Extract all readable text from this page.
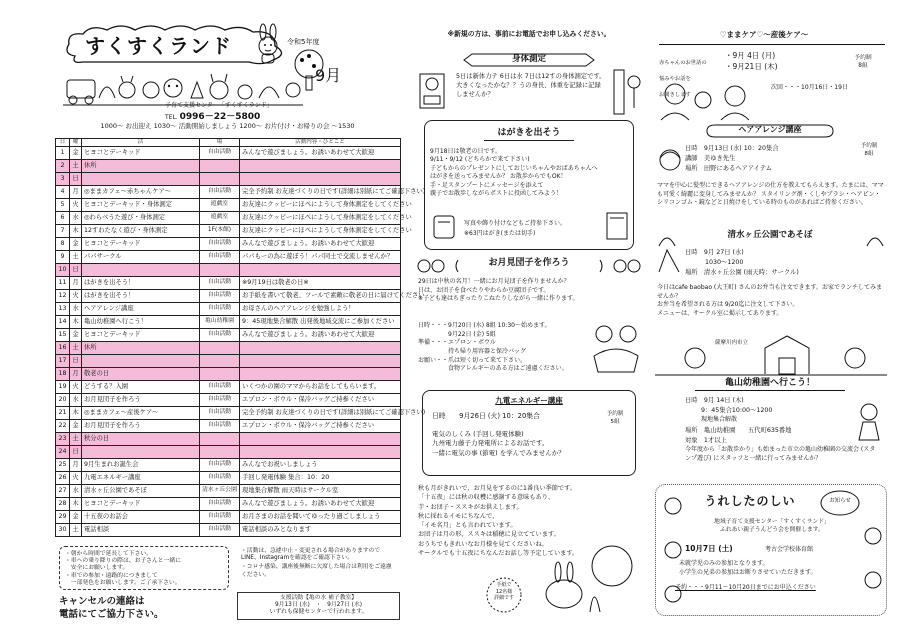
すくすくランド	令和5年度
9月
子育て支援センター「すくすくランド」
TEL. 0996－22－5800
1000～ お出迎え 1030～ 活動開始しましょう 1200～ お片付け・お帰りの会 ～1530
日	曜	活	場	活動内容・ひとこと
1	金	ヒヨコとデーキッド	自由活動	みんなで遊びましょう。お誘いあわせて大歓迎
2	土	休所		
3	日			
4	月	◎ままカフェ～赤ちゃんケア～	自由活動	完全予約制 お友達づくりの日です(詳細は別紙にてご確認下さい)
5	火	ヒヨコとデーキッド・身体測定	遊戯室	お友達にクッピーにほぺにようして身体測定をしてください
6	水	◎わらべうた遊び・身体測定	遊戯室	お友達にクッピーにほぺにようして身体測定をしてください
7	木	12すわたなく遊び・身体測定	1F(本館)	お友達にクッピーにほぺにようして身体測定をしてください
8	金	ヒヨコとデーキッド	自由活動	みんなで遊びましょう。お誘いあわせて大歓迎
9	土	パパサークル	自由活動	パパもーの為に遊ぼう！パパ同士で交流しませんか？
10	日			
11	月	はがきを出そう！	自由活動	※9月19日は敬老の日※
12	火	はがきを出そう！	自由活動	お手紙を書いて敬老、ツールで素敵に敬老の日に届けてください
13	水	ヘアアレンジ講座	自由活動	お母さんのヘアアレンジを勉強しよう！
14	木	亀山幼稚園へ行こう！	亀山幼稚園	9：45現地集合解散 出発後地域交流にご参加ください
15	金	ヒヨコとデーキッド	自由活動	みんなで遊びましょう。お誘いあわせて大歓迎
16	土	休所		
17	日			
18	月	敬老の日		
19	火	どうする？入園	自由活動	いくつかの園のママからお話をしてもらいます。
20	水	お月見団子を作ろう	自由活動	エプロン・ボウル・保冷バッグご持参ください
21	木	◎ままカフェ～産後ケア～	自由活動	完全予約制 お友達づくりの日です(詳細は別紙にてご確認下さい)
22	金	お月見団子を作ろう	自由活動	エプロン・ボウル・保冷バッグご持参ください
23	土	秋分の日		
24	日			
25	月	9月生まれお誕生会	自由活動	みんなでお祝いしましょう
26	火	九電エネルギー講座	自由活動	手回し発電体験 集合：10：20
27	水	清水ヶ丘公園であそぼ	清水ヶ丘公園	現地集合解散 雨天時はサークル室
28	木	ヒヨコとデーキッド	自由活動	みんなで遊びましょう。お誘いあわせて大歓迎
29	金	十五夜のお話会	自由活動	お月さまのお話を聞いてゆったり過ごしましょう
30	土	電話相談	自由活動	電話相談のみとなります
・朝から時間で延長して下さい。
・車への乗り降りの際は、お子さんと一緒に
　安全にお願いします。
・車での参加・遠路的につきまして
　一部発色をお願いします。ご了承下さい。
・活動は、急遽中止・変更される場合がありますのでLINE、Instagramを確認をご確認下さい。
・コロナ感染、講座後無断に欠席した場合は利用をご遠慮ください。
キャンセルの連絡は
電話にてご協力下さい。
支援活動【亀の水 補子教室】
9月13日 (水)　・　9月27日 (水)
いずれも保健センターで行われます。
※新規の方は、事前にお電話でお申し込みください。
身体測定
5日は新体力テ 6日は水 7日は12すの身体測定です。大きくなったかな？？うの身長、体重を記録に記録しませんか？
はがきを出そう
9月18日は敬老の日です。
9/11・9/12 (どちらかで来て下さい)
子どもからのプレゼントにしておじいちゃんやおばあちゃんへ
はがきを送ってみませんか？ お散歩からでもOK！
手・足スタンプートにメッセージを添えて
親子でお散歩しながらポストに投函してみよう！
写真や飾り付けなどもご持参下さい。
※63円はがき(または切手)
お月見団子を作ろう
29日は中秋の名月！一緒にお月見団子を作りませんか？
日は、お団子を食べたりやわらか豆腐団子です。
※子ども達はちぎったりこねたりしながら一緒に作ります。
日時・・・9月20日 (水) 8組 10:30～始めます。
　　　　　9月22日 (金) 5組
準備・・・エプロン・ボウル
　　　　　持ち帰り用容器と保冷バッグ
お願い・・爪は短く切って来て下さい。
　　　　　食物アレルギーのある方はご遠慮ください。
九電エネルギー講座
日時　　9月26日 (火) 10：20集合	予約制
5組
電気のしくみ (手回し発電体験)
九州電力藤子力発電所によるお話です。
一緒に電気の事 (節電) を学んでみませんか？
秋も月がきれいで、お月見をするのに1番良い季節です。
「十五夜」には秋の収穫に感謝する意味もあり、
芋・お団子・ススキがお供えします。
秋に採れるイモにちなんで、
「イモ名月」とも言われています。
お団子は月の形、ススキは稲穂に見立てています。
おうちでもきれいなお月様を見てくださいね。
サークルでも十五夜にちなんだお話し等予定しています。
手紙で
12名様
詳細です
♡ままケア♡～産後ケア～

赤ちゃんのお世話の

悩みやお話を

お聞きします

・9月 4日 (月)
・9月21日 (木)
予約制
8組
次回・・・10月16日・19日
ヘアアレンジ講座
日時　9月13日 (水) 10：20集合	予約制
8組
講師　美ゆき先生
場所　田野にあるヘアアイテム
ママを中心に髪型にできるヘアアレンジの仕方を教えてもらえます。たまには、ママも可愛く綺麗に変身してみませんか？ スタイリング剤・くしやブラシ・ヘアピン・シリコンゴム・鏡などと日焼けをしている時のものがあればご持参ください。
清水ヶ丘公園であそぼ
日時　9月 27日 (水)
1030～1200
場所　清水ヶ丘公園 (雨天時：サークル)
今日はcafe baobao (大王町) さんのお弁当も注文できます。お家でランチしてみませんか？
お弁当を希望される方は 9/20迄に注文して下さい。
メニューは、サークル室に掲示してあります。
薩摩川内市立
亀山幼稚園へ行こう！
日時　9月 14日 (木)
9：45集合10:00～1200
現地集合解散
場所　亀山幼稚園　　五代町635番地
対象　1才以上
今年度から「お散歩かり」も始まった市立の亀山幼稚園の交流会 (スタンプ遊び) にスタッフと一緒に行ってみませんか？
うれしたのしい	お知らせ
地域子育て支援センター「すくすくランド」
ふれあい親子うんどう会を開催します。
10月7日 (土)	考古会学校体育館
未就学児のみの参加となります。
小学生の兄弟の参加はお断りさせていただきます。
予約・・・9月11～10月20日までにお申込ください
